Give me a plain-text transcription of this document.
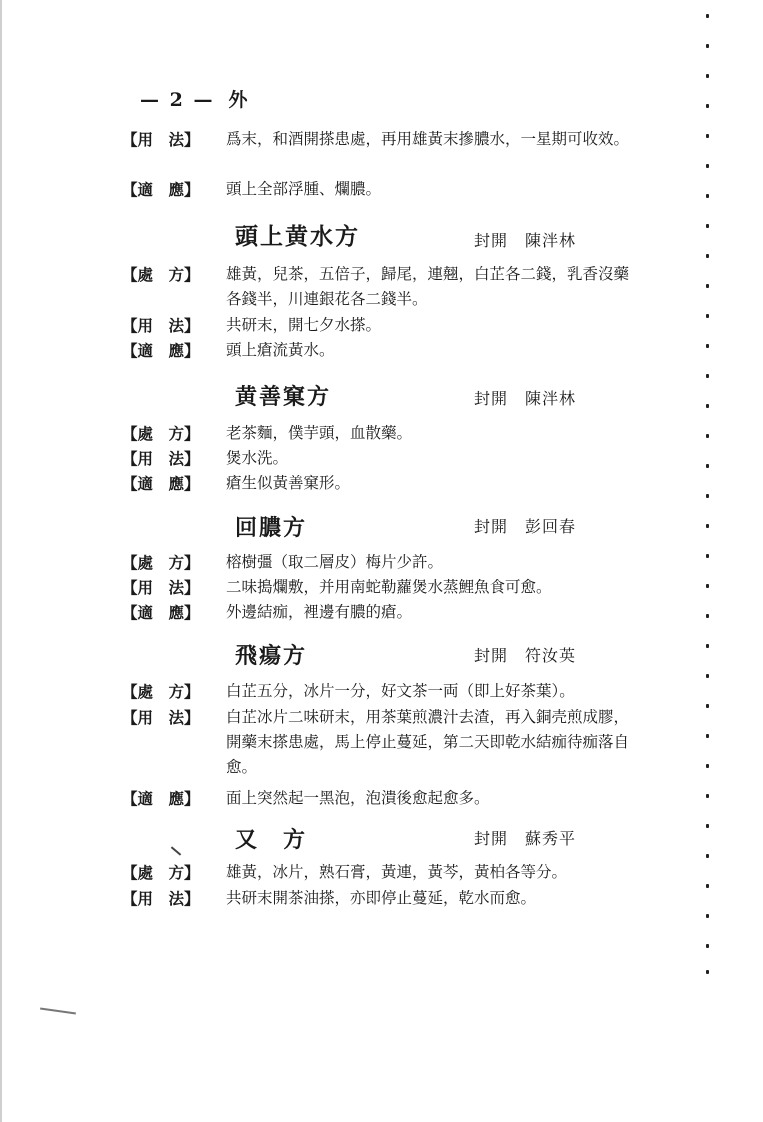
— 2 — 外
【用　法】	爲末，和酒開搽患處，再用雄黃末摻膿水，一星期可收效。
【適　應】	頭上全部浮腫、爛膿。
頭上黄水方	封開　陳泮林
【處　方】	雄黃，兒茶，五倍子，歸尾，連翹，白芷各二錢，乳香沒藥各錢半，川連銀花各二錢半。
【用　法】	共研末，開七夕水搽。
【適　應】	頭上瘡流黃水。
黄善窠方	封開　陳泮林
【處　方】	老茶麵，僕芋頭，血散藥。
【用　法】	煲水洗。
【適　應】	瘡生似黃善窠形。
回膿方	封開　彭回春
【處　方】	榕樹彊（取二層皮）梅片少許。
【用　法】	二味搗爛敷，并用南蛇勒蘿煲水蒸鯉魚食可愈。
【適　應】	外邊結痂，裡邊有膿的瘡。
飛瘍方	封開　符汝英
【處　方】	白芷五分，冰片一分，好文茶一両（即上好茶葉）。
【用　法】	白芷冰片二味研末，用茶葉煎濃汁去渣，再入銅壳煎成膠，開藥末搽患處，馬上停止蔓延，第二天即乾水結痂待痂落自愈。
【適　應】	面上突然起一黑泡，泡潰後愈起愈多。
又　方	封開　蘇秀平
【處　方】	雄黃，冰片，熟石膏，黃連，黃芩，黃柏各等分。
【用　法】	共研末開茶油搽，亦即停止蔓延，乾水而愈。
